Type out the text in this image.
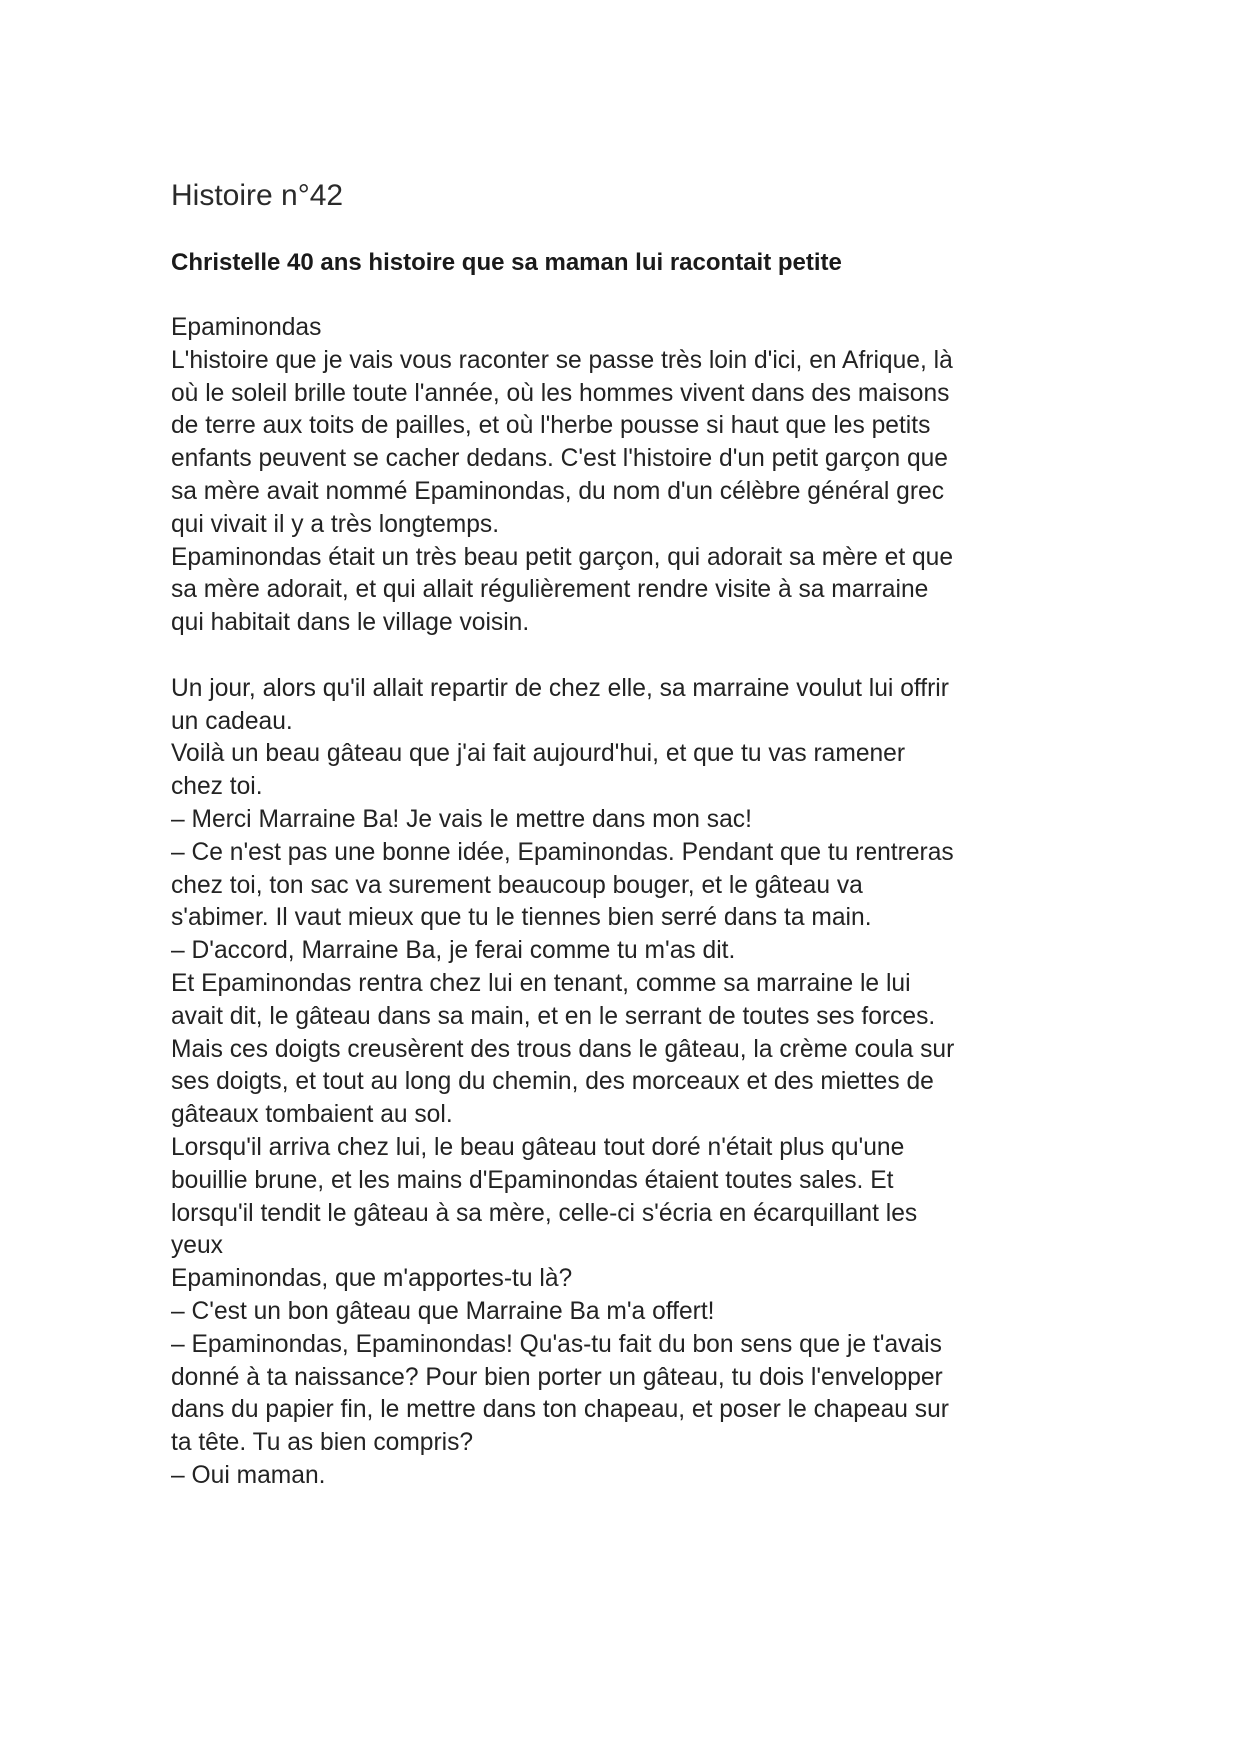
Histoire n°42
Christelle 40 ans histoire que sa maman lui racontait petite
Epaminondas
L'histoire que je vais vous raconter se passe très loin d'ici, en Afrique, là
où le soleil brille toute l'année, où les hommes vivent dans des maisons
de terre aux toits de pailles, et où l'herbe pousse si haut que les petits
enfants peuvent se cacher dedans. C'est l'histoire d'un petit garçon que
sa mère avait nommé Epaminondas, du nom d'un célèbre général grec
qui vivait il y a très longtemps.
Epaminondas était un très beau petit garçon, qui adorait sa mère et que
sa mère adorait, et qui allait régulièrement rendre visite à sa marraine
qui habitait dans le village voisin.
Un jour, alors qu'il allait repartir de chez elle, sa marraine voulut lui offrir
un cadeau.
Voilà un beau gâteau que j'ai fait aujourd'hui, et que tu vas ramener
chez toi.
– Merci Marraine Ba! Je vais le mettre dans mon sac!
– Ce n'est pas une bonne idée, Epaminondas. Pendant que tu rentreras
chez toi, ton sac va surement beaucoup bouger, et le gâteau va
s'abimer. Il vaut mieux que tu le tiennes bien serré dans ta main.
– D'accord, Marraine Ba, je ferai comme tu m'as dit.
Et Epaminondas rentra chez lui en tenant, comme sa marraine le lui
avait dit, le gâteau dans sa main, et en le serrant de toutes ses forces.
Mais ces doigts creusèrent des trous dans le gâteau, la crème coula sur
ses doigts, et tout au long du chemin, des morceaux et des miettes de
gâteaux tombaient au sol.
Lorsqu'il arriva chez lui, le beau gâteau tout doré n'était plus qu'une
bouillie brune, et les mains d'Epaminondas étaient toutes sales. Et
lorsqu'il tendit le gâteau à sa mère, celle-ci s'écria en écarquillant les
yeux
Epaminondas, que m'apportes-tu là?
– C'est un bon gâteau que Marraine Ba m'a offert!
– Epaminondas, Epaminondas! Qu'as-tu fait du bon sens que je t'avais
donné à ta naissance? Pour bien porter un gâteau, tu dois l'envelopper
dans du papier fin, le mettre dans ton chapeau, et poser le chapeau sur
ta tête. Tu as bien compris?
– Oui maman.
